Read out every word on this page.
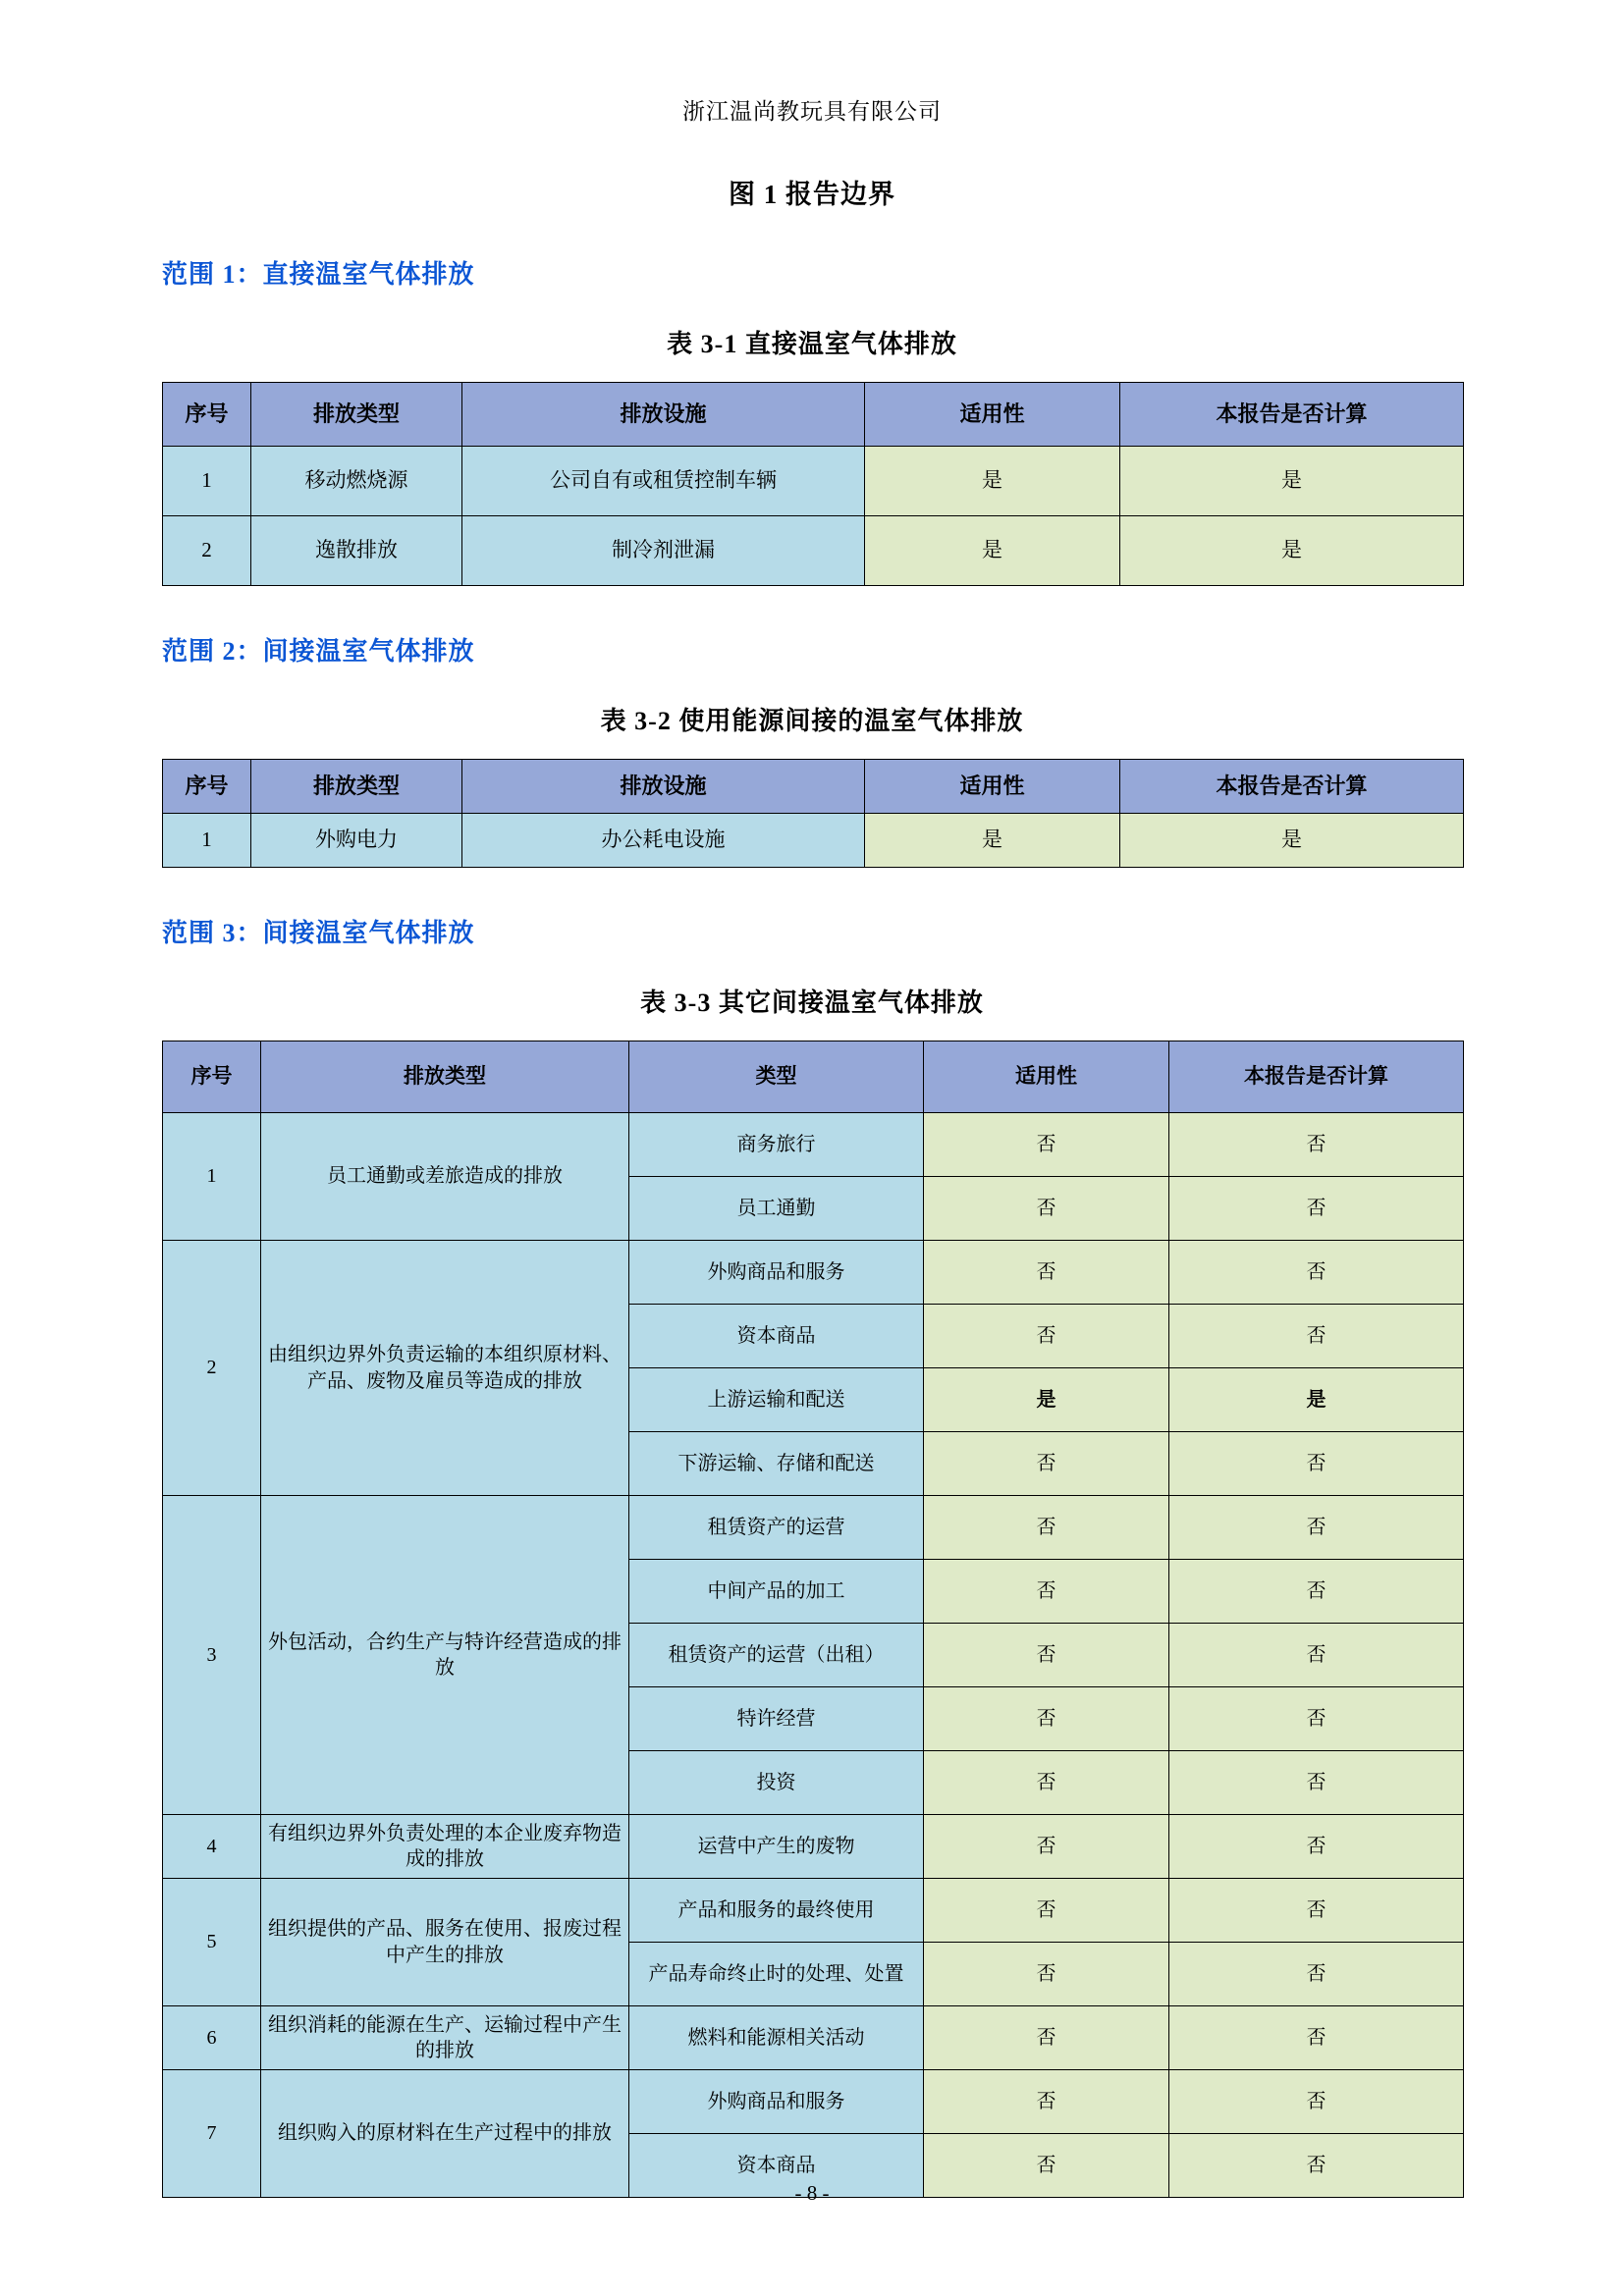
浙江温尚教玩具有限公司
图 1 报告边界
范围 1：直接温室气体排放
表 3-1 直接温室气体排放
序号	排放类型	排放设施	适用性	本报告是否计算
1	移动燃烧源	公司自有或租赁控制车辆	是	是
2	逸散排放	制冷剂泄漏	是	是
范围 2：间接温室气体排放
表 3-2 使用能源间接的温室气体排放
序号	排放类型	排放设施	适用性	本报告是否计算
1	外购电力	办公耗电设施	是	是
范围 3：间接温室气体排放
表 3-3 其它间接温室气体排放
序号	排放类型	类型	适用性	本报告是否计算
1	员工通勤或差旅造成的排放	商务旅行	否	否
		员工通勤	否	否
2	由组织边界外负责运输的本组织原材料、产品、废物及雇员等造成的排放	外购商品和服务	否	否
		资本商品	否	否
		上游运输和配送	是	是
		下游运输、存储和配送	否	否
3	外包活动，合约生产与特许经营造成的排放	租赁资产的运营	否	否
		中间产品的加工	否	否
		租赁资产的运营（出租）	否	否
		特许经营	否	否
		投资	否	否
4	有组织边界外负责处理的本企业废弃物造成的排放	运营中产生的废物	否	否
5	组织提供的产品、服务在使用、报废过程中产生的排放	产品和服务的最终使用	否	否
		产品寿命终止时的处理、处置	否	否
6	组织消耗的能源在生产、运输过程中产生的排放	燃料和能源相关活动	否	否
7	组织购入的原材料在生产过程中的排放	外购商品和服务	否	否
		资本商品	否	否
- 8 -
